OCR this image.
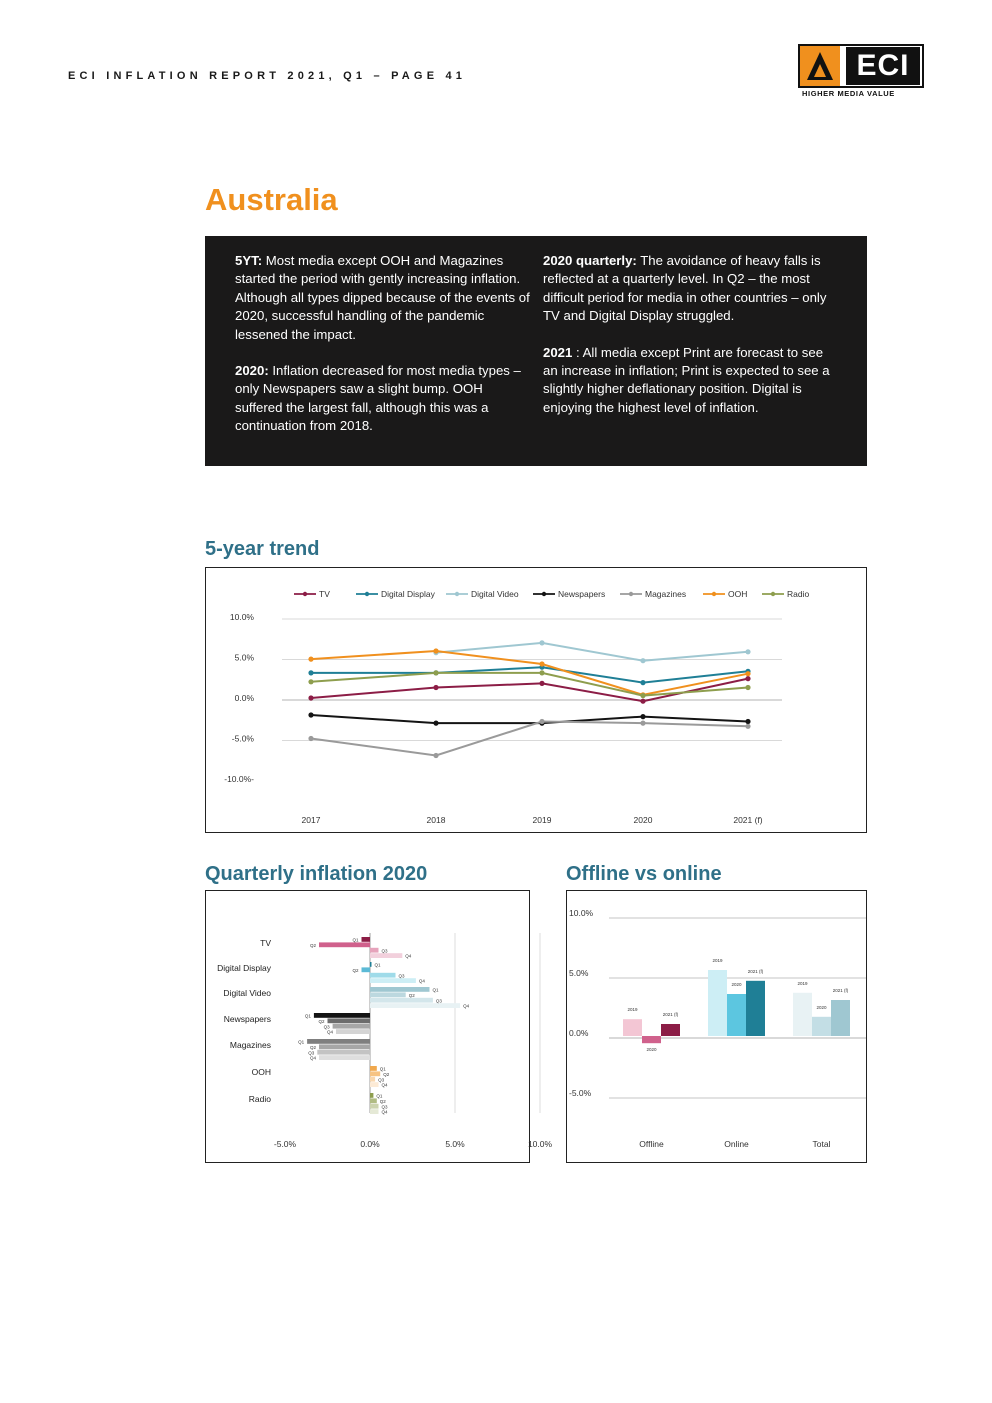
ECI INFLATION REPORT 2021, Q1 – PAGE 41	ECI
HIGHER MEDIA VALUE
Australia

5YT: Most media except OOH and Magazines started the period with gently increasing inflation. Although all types dipped because of the events of 2020, successful handling of the pandemic lessened the impact.

2020: Inflation decreased for most media types – only Newspapers saw a slight bump. OOH suffered the largest fall, although this was a continuation from 2018.

2020 quarterly: The avoidance of heavy falls is reflected at a quarterly level. In Q2 – the most difficult period for media in other countries – only TV and Digital Display struggled.

2021 : All media except Print are forecast to see an increase in inflation; Print is expected to see a slightly higher deflationary position. Digital is enjoying the highest level of inflation.

5-year trend
10.0%
5.0%
0.0%
-5.0%
-10.0%-
2017	2018	2019	2020	2021 (f)
TV	Digital Display	Digital Video	Newspapers	Magazines	OOH	Radio
Quarterly inflation 2020
-5.0%	0.0%	5.0%	10.0%
TV	Q1
Q2
Q3
Q4
Digital Display	Q1
Q2
Q3
Q4
Digital Video	Q1
Q2
Q3
Q4
Newspapers	Q1
Q2
Q3
Q4
Magazines	Q1
Q2
Q3
Q4
OOH	Q1
Q2
Q3
Q4
Radio	Q1
Q2
Q3
Q4
Offline vs online
10.0%
5.0%
0.0%
-5.0%
2019
2020
2021 (f)
Offline
2019
2020
2021 (f)
Online
2019
2020
2021 (f)
Total
